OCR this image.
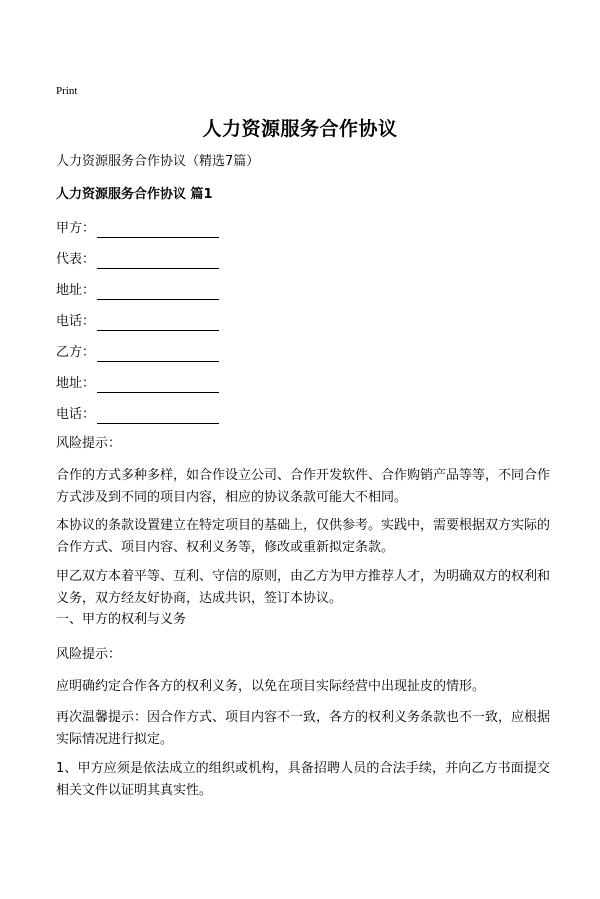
Print
人力资源服务合作协议
人力资源服务合作协议（精选7篇）
人力资源服务合作协议 篇1
甲方：
代表：
地址：
电话：
乙方：
地址：
电话：

风险提示：

合作的方式多种多样，如合作设立公司、合作开发软件、合作购销产品等等，不同合作方式涉及到不同的项目内容，相应的协议条款可能大不相同。

本协议的条款设置建立在特定项目的基础上，仅供参考。实践中，需要根据双方实际的合作方式、项目内容、权利义务等，修改或重新拟定条款。

甲乙双方本着平等、互利、守信的原则，由乙方为甲方推荐人才，为明确双方的权利和义务，双方经友好协商，达成共识，签订本协议。

一、甲方的权利与义务

风险提示：

应明确约定合作各方的权利义务，以免在项目实际经营中出现扯皮的情形。

再次温馨提示：因合作方式、项目内容不一致，各方的权利义务条款也不一致，应根据实际情况进行拟定。

1、甲方应须是依法成立的组织或机构，具备招聘人员的合法手续，并向乙方书面提交相关文件以证明其真实性。
